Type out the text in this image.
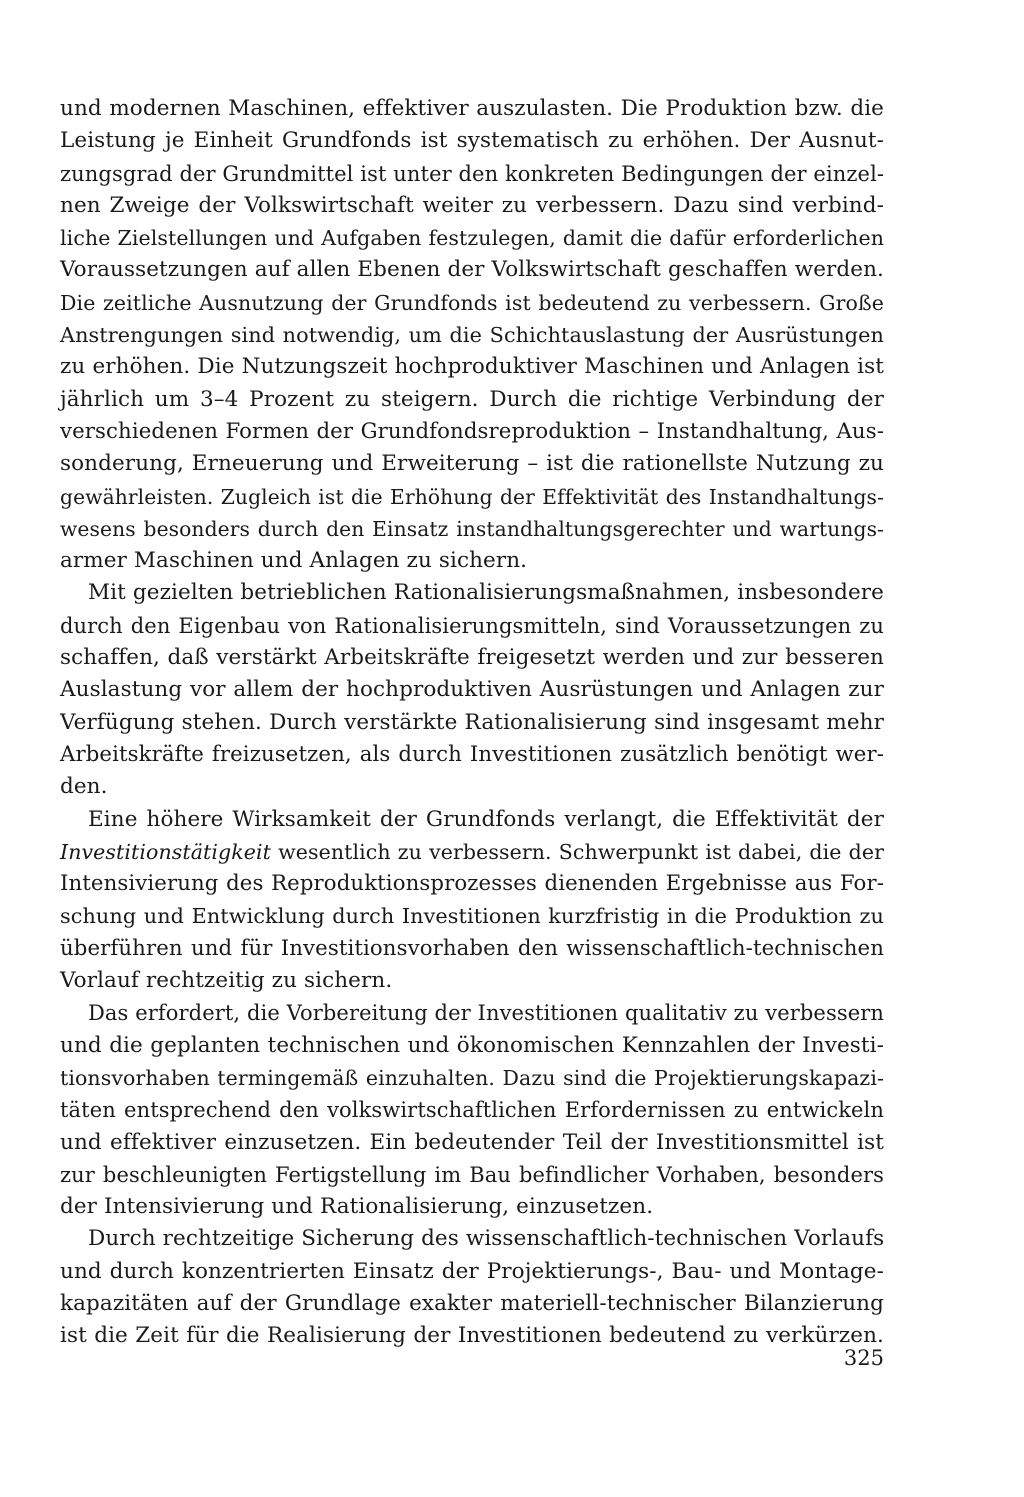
und modernen Maschinen, effektiver auszulasten. Die Produktion bzw. die
Leistung je Einheit Grundfonds ist systematisch zu erhöhen. Der Ausnut-
zungsgrad der Grundmittel ist unter den konkreten Bedingungen der einzel-
nen Zweige der Volkswirtschaft weiter zu verbessern. Dazu sind verbind-
liche Zielstellungen und Aufgaben festzulegen, damit die dafür erforderlichen
Voraussetzungen auf allen Ebenen der Volkswirtschaft geschaffen werden.
Die zeitliche Ausnutzung der Grundfonds ist bedeutend zu verbessern. Große
Anstrengungen sind notwendig, um die Schichtauslastung der Ausrüstungen
zu erhöhen. Die Nutzungszeit hochproduktiver Maschinen und Anlagen ist
jährlich um 3–4 Prozent zu steigern. Durch die richtige Verbindung der
verschiedenen Formen der Grundfondsreproduktion – Instandhaltung, Aus-
sonderung, Erneuerung und Erweiterung – ist die rationellste Nutzung zu
gewährleisten. Zugleich ist die Erhöhung der Effektivität des Instandhaltungs-
wesens besonders durch den Einsatz instandhaltungsgerechter und wartungs-
armer Maschinen und Anlagen zu sichern.
Mit gezielten betrieblichen Rationalisierungsmaßnahmen, insbesondere
durch den Eigenbau von Rationalisierungsmitteln, sind Voraussetzungen zu
schaffen, daß verstärkt Arbeitskräfte freigesetzt werden und zur besseren
Auslastung vor allem der hochproduktiven Ausrüstungen und Anlagen zur
Verfügung stehen. Durch verstärkte Rationalisierung sind insgesamt mehr
Arbeitskräfte freizusetzen, als durch Investitionen zusätzlich benötigt wer-
den.
Eine höhere Wirksamkeit der Grundfonds verlangt, die Effektivität der
Investitionstätigkeit wesentlich zu verbessern. Schwerpunkt ist dabei, die der
Intensivierung des Reproduktionsprozesses dienenden Ergebnisse aus For-
schung und Entwicklung durch Investitionen kurzfristig in die Produktion zu
überführen und für Investitionsvorhaben den wissenschaftlich-technischen
Vorlauf rechtzeitig zu sichern.
Das erfordert, die Vorbereitung der Investitionen qualitativ zu verbessern
und die geplanten technischen und ökonomischen Kennzahlen der Investi-
tionsvorhaben termingemäß einzuhalten. Dazu sind die Projektierungskapazi-
täten entsprechend den volkswirtschaftlichen Erfordernissen zu entwickeln
und effektiver einzusetzen. Ein bedeutender Teil der Investitionsmittel ist
zur beschleunigten Fertigstellung im Bau befindlicher Vorhaben, besonders
der Intensivierung und Rationalisierung, einzusetzen.
Durch rechtzeitige Sicherung des wissenschaftlich-technischen Vorlaufs
und durch konzentrierten Einsatz der Projektierungs-, Bau- und Montage-
kapazitäten auf der Grundlage exakter materiell-technischer Bilanzierung
ist die Zeit für die Realisierung der Investitionen bedeutend zu verkürzen.
325
